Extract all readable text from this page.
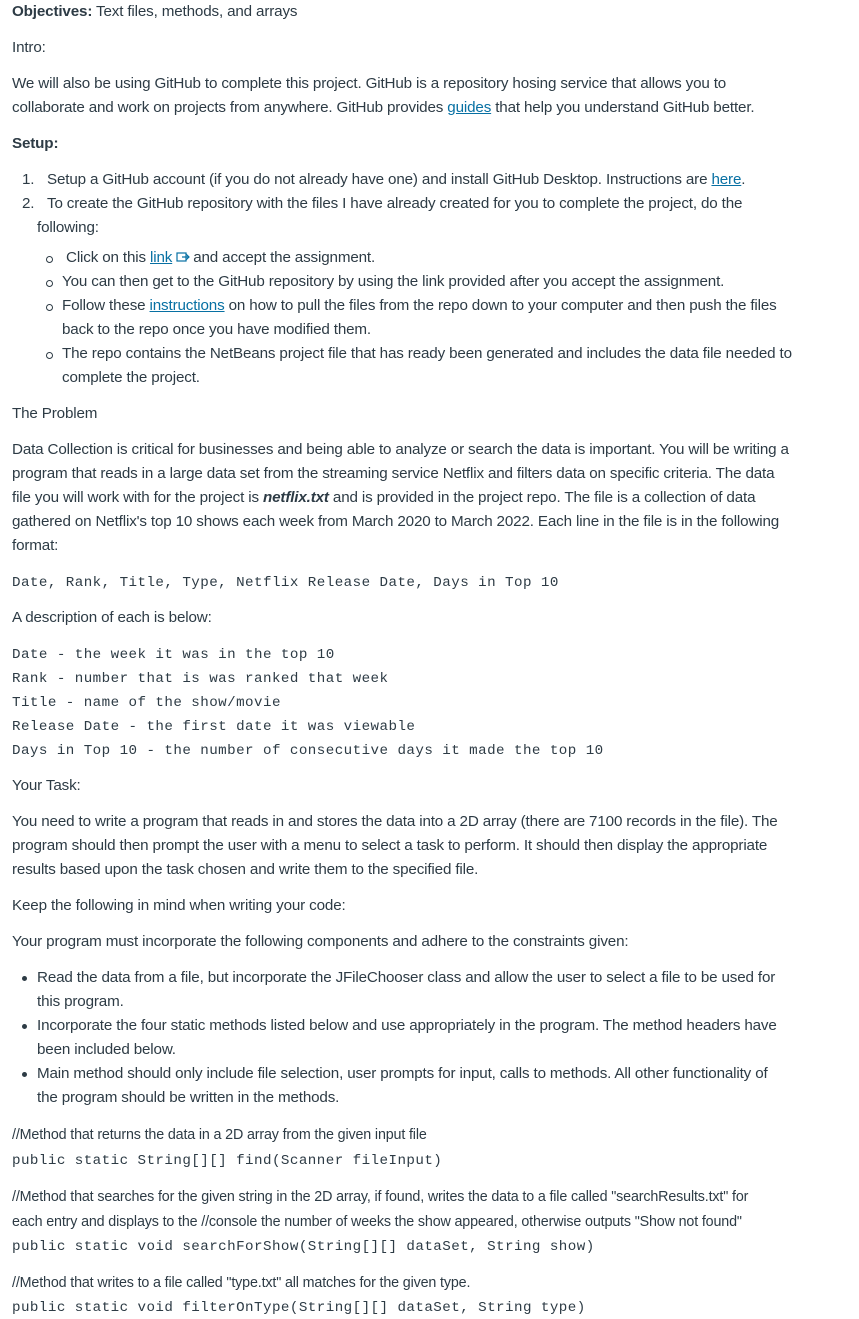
Objectives: Text files, methods, and arrays
Intro:
We will also be using GitHub to complete this project. GitHub is a repository hosing service that allows you to
collaborate and work on projects from anywhere. GitHub provides guides that help you understand GitHub better.
Setup:
1. Setup a GitHub account (if you do not already have one) and install GitHub Desktop. Instructions are here.
2. To create the GitHub repository with the files I have already created for you to complete the project, do the
following:
Click on this link and accept the assignment.
You can then get to the GitHub repository by using the link provided after you accept the assignment.
Follow these instructions on how to pull the files from the repo down to your computer and then push the files
back to the repo once you have modified them.
The repo contains the NetBeans project file that has ready been generated and includes the data file needed to
complete the project.
The Problem
Data Collection is critical for businesses and being able to analyze or search the data is important. You will be writing a
program that reads in a large data set from the streaming service Netflix and filters data on specific criteria. The data
file you will work with for the project is netflix.txt and is provided in the project repo. The file is a collection of data
gathered on Netflix's top 10 shows each week from March 2020 to March 2022. Each line in the file is in the following
format:
Date, Rank, Title, Type, Netflix Release Date, Days in Top 10
A description of each is below:
Date - the week it was in the top 10
Rank - number that is was ranked that week
Title - name of the show/movie
Release Date - the first date it was viewable
Days in Top 10 - the number of consecutive days it made the top 10
Your Task:
You need to write a program that reads in and stores the data into a 2D array (there are 7100 records in the file). The
program should then prompt the user with a menu to select a task to perform. It should then display the appropriate
results based upon the task chosen and write them to the specified file.
Keep the following in mind when writing your code:
Your program must incorporate the following components and adhere to the constraints given:
Read the data from a file, but incorporate the JFileChooser class and allow the user to select a file to be used for
this program.
Incorporate the four static methods listed below and use appropriately in the program. The method headers have
been included below.
Main method should only include file selection, user prompts for input, calls to methods. All other functionality of
the program should be written in the methods.
//Method that returns the data in a 2D array from the given input file
public static String[][] find(Scanner fileInput)
//Method that searches for the given string in the 2D array, if found, writes the data to a file called "searchResults.txt" for
each entry and displays to the //console the number of weeks the show appeared, otherwise outputs "Show not found"
public static void searchForShow(String[][] dataSet, String show)
//Method that writes to a file called "type.txt" all matches for the given type.
public static void filterOnType(String[][] dataSet, String type)
